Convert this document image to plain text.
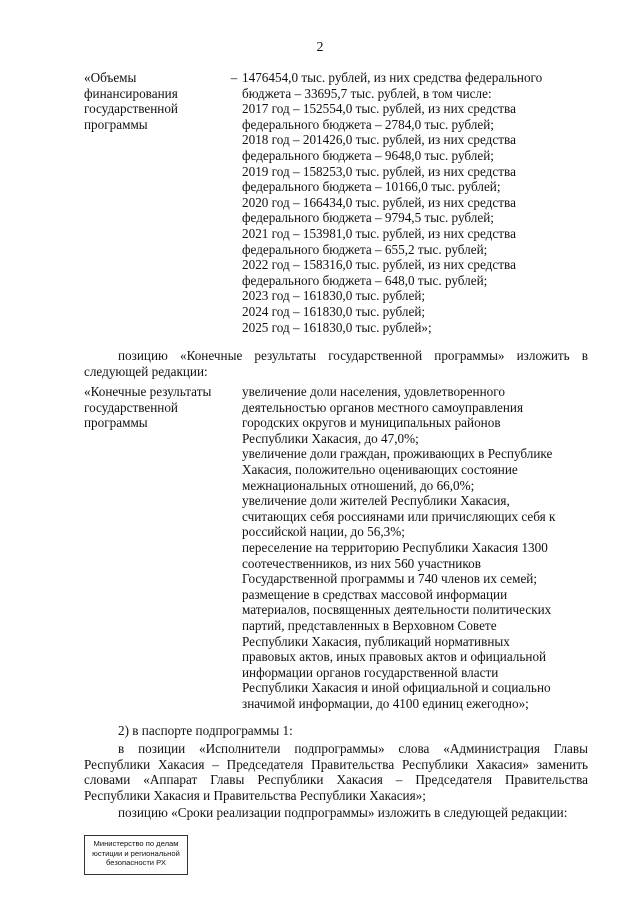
2
«Объемы
финансирования
государственной
программы
– 1476454,0 тыс. рублей, из них средства федерального
бюджета – 33695,7 тыс. рублей, в том числе:
2017 год – 152554,0 тыс. рублей, из них средства
федерального бюджета – 2784,0 тыс. рублей;
2018 год – 201426,0 тыс. рублей, из них средства
федерального бюджета – 9648,0 тыс. рублей;
2019 год – 158253,0 тыс. рублей, из них средства
федерального бюджета – 10166,0 тыс. рублей;
2020 год – 166434,0 тыс. рублей, из них средства
федерального бюджета – 9794,5 тыс. рублей;
2021 год – 153981,0 тыс. рублей, из них средства
федерального бюджета – 655,2 тыс. рублей;
2022 год – 158316,0 тыс. рублей, из них средства
федерального бюджета – 648,0 тыс. рублей;
2023 год – 161830,0 тыс. рублей;
2024 год – 161830,0 тыс. рублей;
2025 год – 161830,0 тыс. рублей»;
позицию «Конечные результаты государственной программы» изложить в следующей редакции:
«Конечные результаты
государственной
программы
увеличение доли населения, удовлетворенного
деятельностью органов местного самоуправления
городских округов и муниципальных районов
Республики Хакасия, до 47,0%;
увеличение доли граждан, проживающих в Республике
Хакасия, положительно оценивающих состояние
межнациональных отношений, до 66,0%;
увеличение доли жителей Республики Хакасия,
считающих себя россиянами или причисляющих себя к
российской нации, до 56,3%;
переселение на территорию Республики Хакасия 1300
соотечественников, из них 560 участников
Государственной программы и 740 членов их семей;
размещение в средствах массовой информации
материалов, посвященных деятельности политических
партий, представленных в Верховном Совете
Республики Хакасия, публикаций нормативных
правовых актов, иных правовых актов и официальной
информации органов государственной власти
Республики Хакасия и иной официальной и социально
значимой информации, до 4100 единиц ежегодно»;
2) в паспорте подпрограммы 1:
в позиции «Исполнители подпрограммы» слова «Администрация Главы Республики Хакасия – Председателя Правительства Республики Хакасия» заменить словами «Аппарат Главы Республики Хакасия – Председателя Правительства Республики Хакасия и Правительства Республики Хакасия»;
позицию «Сроки реализации подпрограммы» изложить в следующей редакции:
Министерство по делам
юстиции и региональной
безопасности РХ
